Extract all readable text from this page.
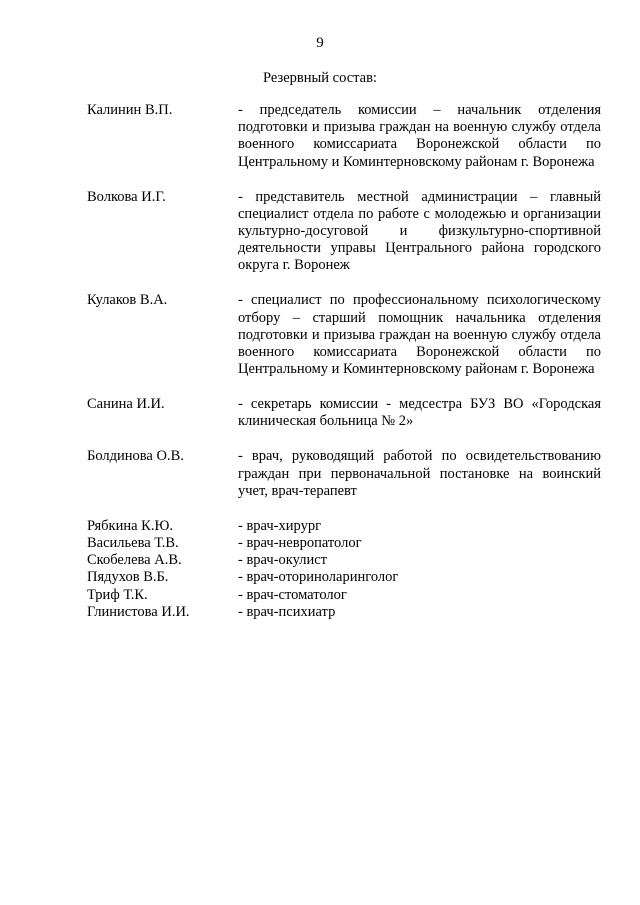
9
Резервный состав:
Калинин В.П.	- председатель комиссии – начальник отделения подготовки и призыва граждан на военную службу отдела военного комиссариата Воронежской области по Центральному и Коминтерновскому районам г. Воронежа
Волкова И.Г.	- представитель местной администрации – главный специалист отдела по работе с молодежью и организации культурно-досуговой и физкультурно-спортивной деятельности управы Центрального района городского округа г. Воронеж
Кулаков В.А.	- специалист по профессиональному психологическому отбору – старший помощник начальника отделения подготовки и призыва граждан на военную службу отдела военного комиссариата Воронежской области по Центральному и Коминтерновскому районам г. Воронежа
Санина И.И.	- секретарь комиссии - медсестра БУЗ ВО «Городская клиническая больница № 2»
Болдинова О.В.	- врач, руководящий работой по освидетельствованию граждан при первоначальной постановке на воинский учет, врач-терапевт
Рябкина К.Ю.	- врач-хирург
Васильева Т.В.	- врач-невропатолог
Скобелева А.В.	- врач-окулист
Пядухов В.Б.	- врач-оториноларинголог
Триф Т.К.	- врач-стоматолог
Глинистова И.И.	- врач-психиатр
